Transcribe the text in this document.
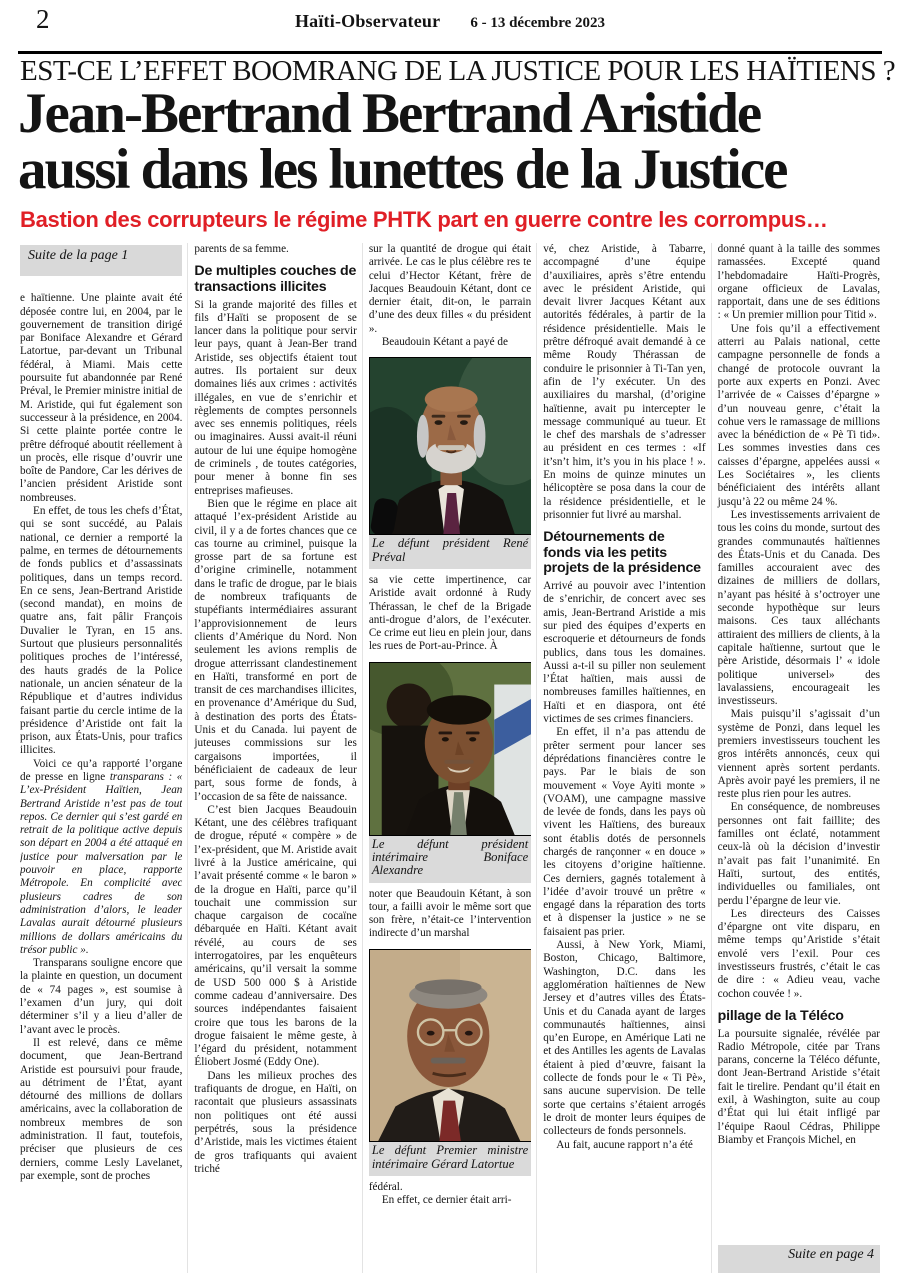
2	Haïti-Observateur 6 - 13 décembre 2023
EST-CE L’EFFET BOOMRANG DE LA JUSTICE POUR LES HAÏTIENS ?
Jean-Bertrand Bertrand Aristide
aussi dans les lunettes de la Justice
Bastion des corrupteurs le régime PHTK part en guerre contre les corrompus…
Suite de la page 1

e haïtienne. Une plainte avait été déposée contre lui, en 2004, par le gouvernement de transition dirigé par Boniface Alexandre et Gérard Latortue, par-devant un Tribunal fédéral, à Miami. Mais cette poursuite fut abandonnée par René Préval, le Premier ministre initial de M. Aristide, qui fut également son successeur à la présidence, en 2004. Si cette plainte portée contre le prêtre défroqué aboutit réellement à un procès, elle risque d’ouvrir une boîte de Pandore, Car les dérives de l’ancien président Aristide sont nombreuses.

En effet, de tous les chefs d’État, qui se sont succédé, au Palais national, ce dernier a remporté la palme, en termes de détournements de fonds publics et d’assassinats politiques, dans un temps record. En ce sens, Jean-Bertrand Aristide (second mandat), en moins de quatre ans, fait pâlir François Duvalier le Tyran, en 15 ans. Surtout que plusieurs personnalités politiques proches de l’intéressé, des hauts gradés de la Police nationale, un ancien sénateur de la République et d’autres individus faisant partie du cercle intime de la présidence d’Aristide ont fait la prison, aux États-Unis, pour trafics illicites.

Voici ce qu’a rapporté l’organe de presse en ligne transparans : « L’ex-Président Haïtien, Jean Bertrand Aristide n’est pas de tout repos. Ce dernier qui s’est gardé en retrait de la politique active depuis son départ en 2004 a été attaqué en justice pour malversation par le pouvoir en place, rapporte Métropole. En complicité avec plusieurs cadres de son administration d’alors, le leader Lavalas aurait détourné plusieurs millions de dollars américains du trésor public ».

Transparans souligne encore que la plainte en question, un document de « 74 pages », est soumise à l’examen d’un jury, qui doit déterminer s’il y a lieu d’aller de l’avant avec le procès.

Il est relevé, dans ce même document, que Jean-Bertrand Aristide est poursuivi pour fraude, au détriment de l’État, ayant détourné des millions de dollars américains, avec la collaboration de nombreux membres de son administration. Il faut, toutefois, préciser que plusieurs de ces derniers, comme Lesly Lavelanet, par exemple, sont de proches

parents de sa femme.

De multiples couches de transactions illicites

Si la grande majorité des filles et fils d’Haïti se proposent de se lancer dans la politique pour servir leur pays, quant à Jean-Ber trand Aristide, ses objectifs étaient tout autres. Ils portaient sur deux domaines liés aux crimes : activités illégales, en vue de s’enrichir et règlements de comptes personnels avec ses ennemis politiques, réels ou imaginaires. Aussi avait-il réuni autour de lui une équipe homogène de criminels , de toutes catégories, pour mener à bonne fin ses entreprises mafieuses.

Bien que le régime en place ait attaqué l’ex-président Aristide au civil, il y a de fortes chances que ce cas tourne au criminel, puisque la grosse part de sa fortune est d’origine criminelle, notamment dans le trafic de drogue, par le biais de nombreux trafiquants de stupéfiants intermédiaires assurant l’approvisionnement de leurs clients d’Amérique du Nord. Non seulement les avions remplis de drogue atterrissant clandestinement en Haïti, transformé en port de transit de ces marchandises illicites, en provenance d’Amérique du Sud, à destination des ports des États-Unis et du Canada. lui payent de juteuses commissions sur les cargaisons importées, il bénéficiaient de cadeaux de leur part, sous forme de fonds, à l’occasion de sa fête de naissance.

C’est bien Jacques Beaudouin Kétant, une des célèbres trafiquant de drogue, réputé « compère » de l’ex-président, que M. Aristide avait livré à la Justice américaine, qui l’avait présenté comme « le baron » de la drogue en Haïti, parce qu’il touchait une commission sur chaque cargaison de cocaïne débarquée en Haïti. Kétant avait révélé, au cours de ses interrogatoires, par les enquêteurs américains, qu’il versait la somme de USD 500 000 $ à Aristide comme cadeau d’anniversaire. Des sources indépendantes faisaient croire que tous les barons de la drogue faisaient le même geste, à l’égard du président, notamment Éliobert Josmé (Eddy One).

Dans les milieux proches des trafiquants de drogue, en Haïti, on racontait que plusieurs assassinats non politiques ont été aussi perpétrés, sous la présidence d’Aristide, mais les victimes étaient de gros trafiquants qui avaient triché

sur la quantité de drogue qui était arrivée. Le cas le plus célèbre res te celui d’Hector Kétant, frère de Jacques Beaudouin Kétant, dont ce dernier était, dit-on, le parrain d’une des deux filles « du président ».

Beaudouin Kétant a payé de

Le défunt président René Préval

sa vie cette impertinence, car Aristide avait ordonné à Rudy Thérassan, le chef de la Brigade anti-drogue d’alors, de l’exécuter. Ce crime eut lieu en plein jour, dans les rues de Port-au-Prince. À

Le défunt président intérimaire Boniface Alexandre

noter que Beaudouin Kétant, à son tour, a failli avoir le même sort que son frère, n’était-ce l’intervention indirecte d’un marshal

Le défunt Premier ministre intérimaire Gérard Latortue

fédéral.

En effet, ce dernier était arri-

vé, chez Aristide, à Tabarre, accompagné d’une équipe d’auxiliaires, après s’être entendu avec le président Aristide, qui devait livrer Jacques Kétant aux autorités fédérales, à partir de la résidence présidentielle. Mais le prêtre défroqué avait demandé à ce même Roudy Thérassan de conduire le prisonnier à Ti-Tan yen, afin de l’y exécuter. Un des auxiliaires du marshal, (d’origine haïtienne, avait pu intercepter le message communiqué au tueur. Et le chef des marshals de s’adresser au président en ces termes : «If it’sn’t him, it’s you in his place ! ». En moins de quinze minutes un hélicoptère se posa dans la cour de la résidence présidentielle, et le prisonnier fut livré au marshal.

Détournements de fonds via les petits projets de la présidence

Arrivé au pouvoir avec l’intention de s’enrichir, de concert avec ses amis, Jean-Bertrand Aristide a mis sur pied des équipes d’experts en escroquerie et détourneurs de fonds publics, dans tous les domaines. Aussi a-t-il su piller non seulement l’État haïtien, mais aussi de nombreuses familles haïtiennes, en Haïti et en diaspora, ont été victimes de ses crimes financiers.

En effet, il n’a pas attendu de prêter serment pour lancer ses déprédations financières contre le pays. Par le biais de son mouvement « Voye Ayiti monte » (VOAM), une campagne massive de levée de fonds, dans les pays où vivent les Haïtiens, des bureaux sont établis dotés de personnels chargés de rançonner « en douce » les citoyens d’origine haïtienne. Ces derniers, gagnés totalement à l’idée d’avoir trouvé un prêtre « engagé dans la réparation des torts et à dispenser la justice » ne se faisaient pas prier.

Aussi, à New York, Miami, Boston, Chicago, Baltimore, Washington, D.C. dans les agglomération haïtiennes de New Jersey et d’autres villes des États-Unis et du Canada ayant de larges communautés haïtiennes, ainsi qu’en Europe, en Amérique Lati ne et des Antilles les agents de Lavalas étaient à pied d’œuvre, faisant la collecte de fonds pour le « Ti Pè», sans aucune supervision. De telle sorte que certains s’étaient arrogés le droit de monter leurs équipes de collecteurs de fonds personnels.

Au fait, aucune rapport n’a été

donné quant à la taille des sommes ramassées. Excepté quand l’hebdomadaire Haïti-Progrès, organe officieux de Lavalas, rapportait, dans une de ses éditions : « Un premier million pour Titid ».

Une fois qu’il a effectivement atterri au Palais national, cette campagne personnelle de fonds a changé de protocole ouvrant la porte aux experts en Ponzi. Avec l’arrivée de « Caisses d’épargne » d’un nouveau genre, c’était la cohue vers le ramassage de millions avec la bénédiction de « Pè Ti tid». Les sommes investies dans ces caisses d’épargne, appelées aussi « Les Sociétaires », les clients bénéficiaient des intérêts allant jusqu’à 22 ou même 24 %.

Les investissements arrivaient de tous les coins du monde, surtout des grandes communautés haïtiennes des États-Unis et du Canada. Des familles accouraient avec des dizaines de milliers de dollars, n’ayant pas hésité à s’octroyer une seconde hypothèque sur leurs maisons. Ces taux alléchants attiraient des milliers de clients, à la capitale haïtienne, surtout que le père Aristide, désormais l’ « idole politique universel» des lavalassiens, encourageait les investisseurs.

Mais puisqu’il s’agissait d’un système de Ponzi, dans lequel les premiers investisseurs touchent les gros intérêts annoncés, ceux qui viennent après sortent perdants. Après avoir payé les premiers, il ne reste plus rien pour les autres.

En conséquence, de nombreuses personnes ont fait faillite; des familles ont éclaté, notamment ceux-là où la décision d’investir n’avait pas fait l’unanimité. En Haïti, surtout, des entités, individuelles ou familiales, ont perdu l’épargne de leur vie.

Les directeurs des Caisses d’épargne ont vite disparu, en même temps qu’Aristide s’était envolé vers l’exil. Pour ces investisseurs frustrés, c’était le cas de dire : « Adieu veau, vache cochon couvée ! ».

pillage de la Téléco

La poursuite signalée, révélée par Radio Métropole, citée par Trans parans, concerne la Téléco défunte, dont Jean-Bertrand Aristide s’était fait le tirelire. Pendant qu’il était en exil, à Washington, suite au coup d’État qui lui était infligé par l’équipe Raoul Cédras, Philippe Biamby et François Michel, en

Suite en page 4
